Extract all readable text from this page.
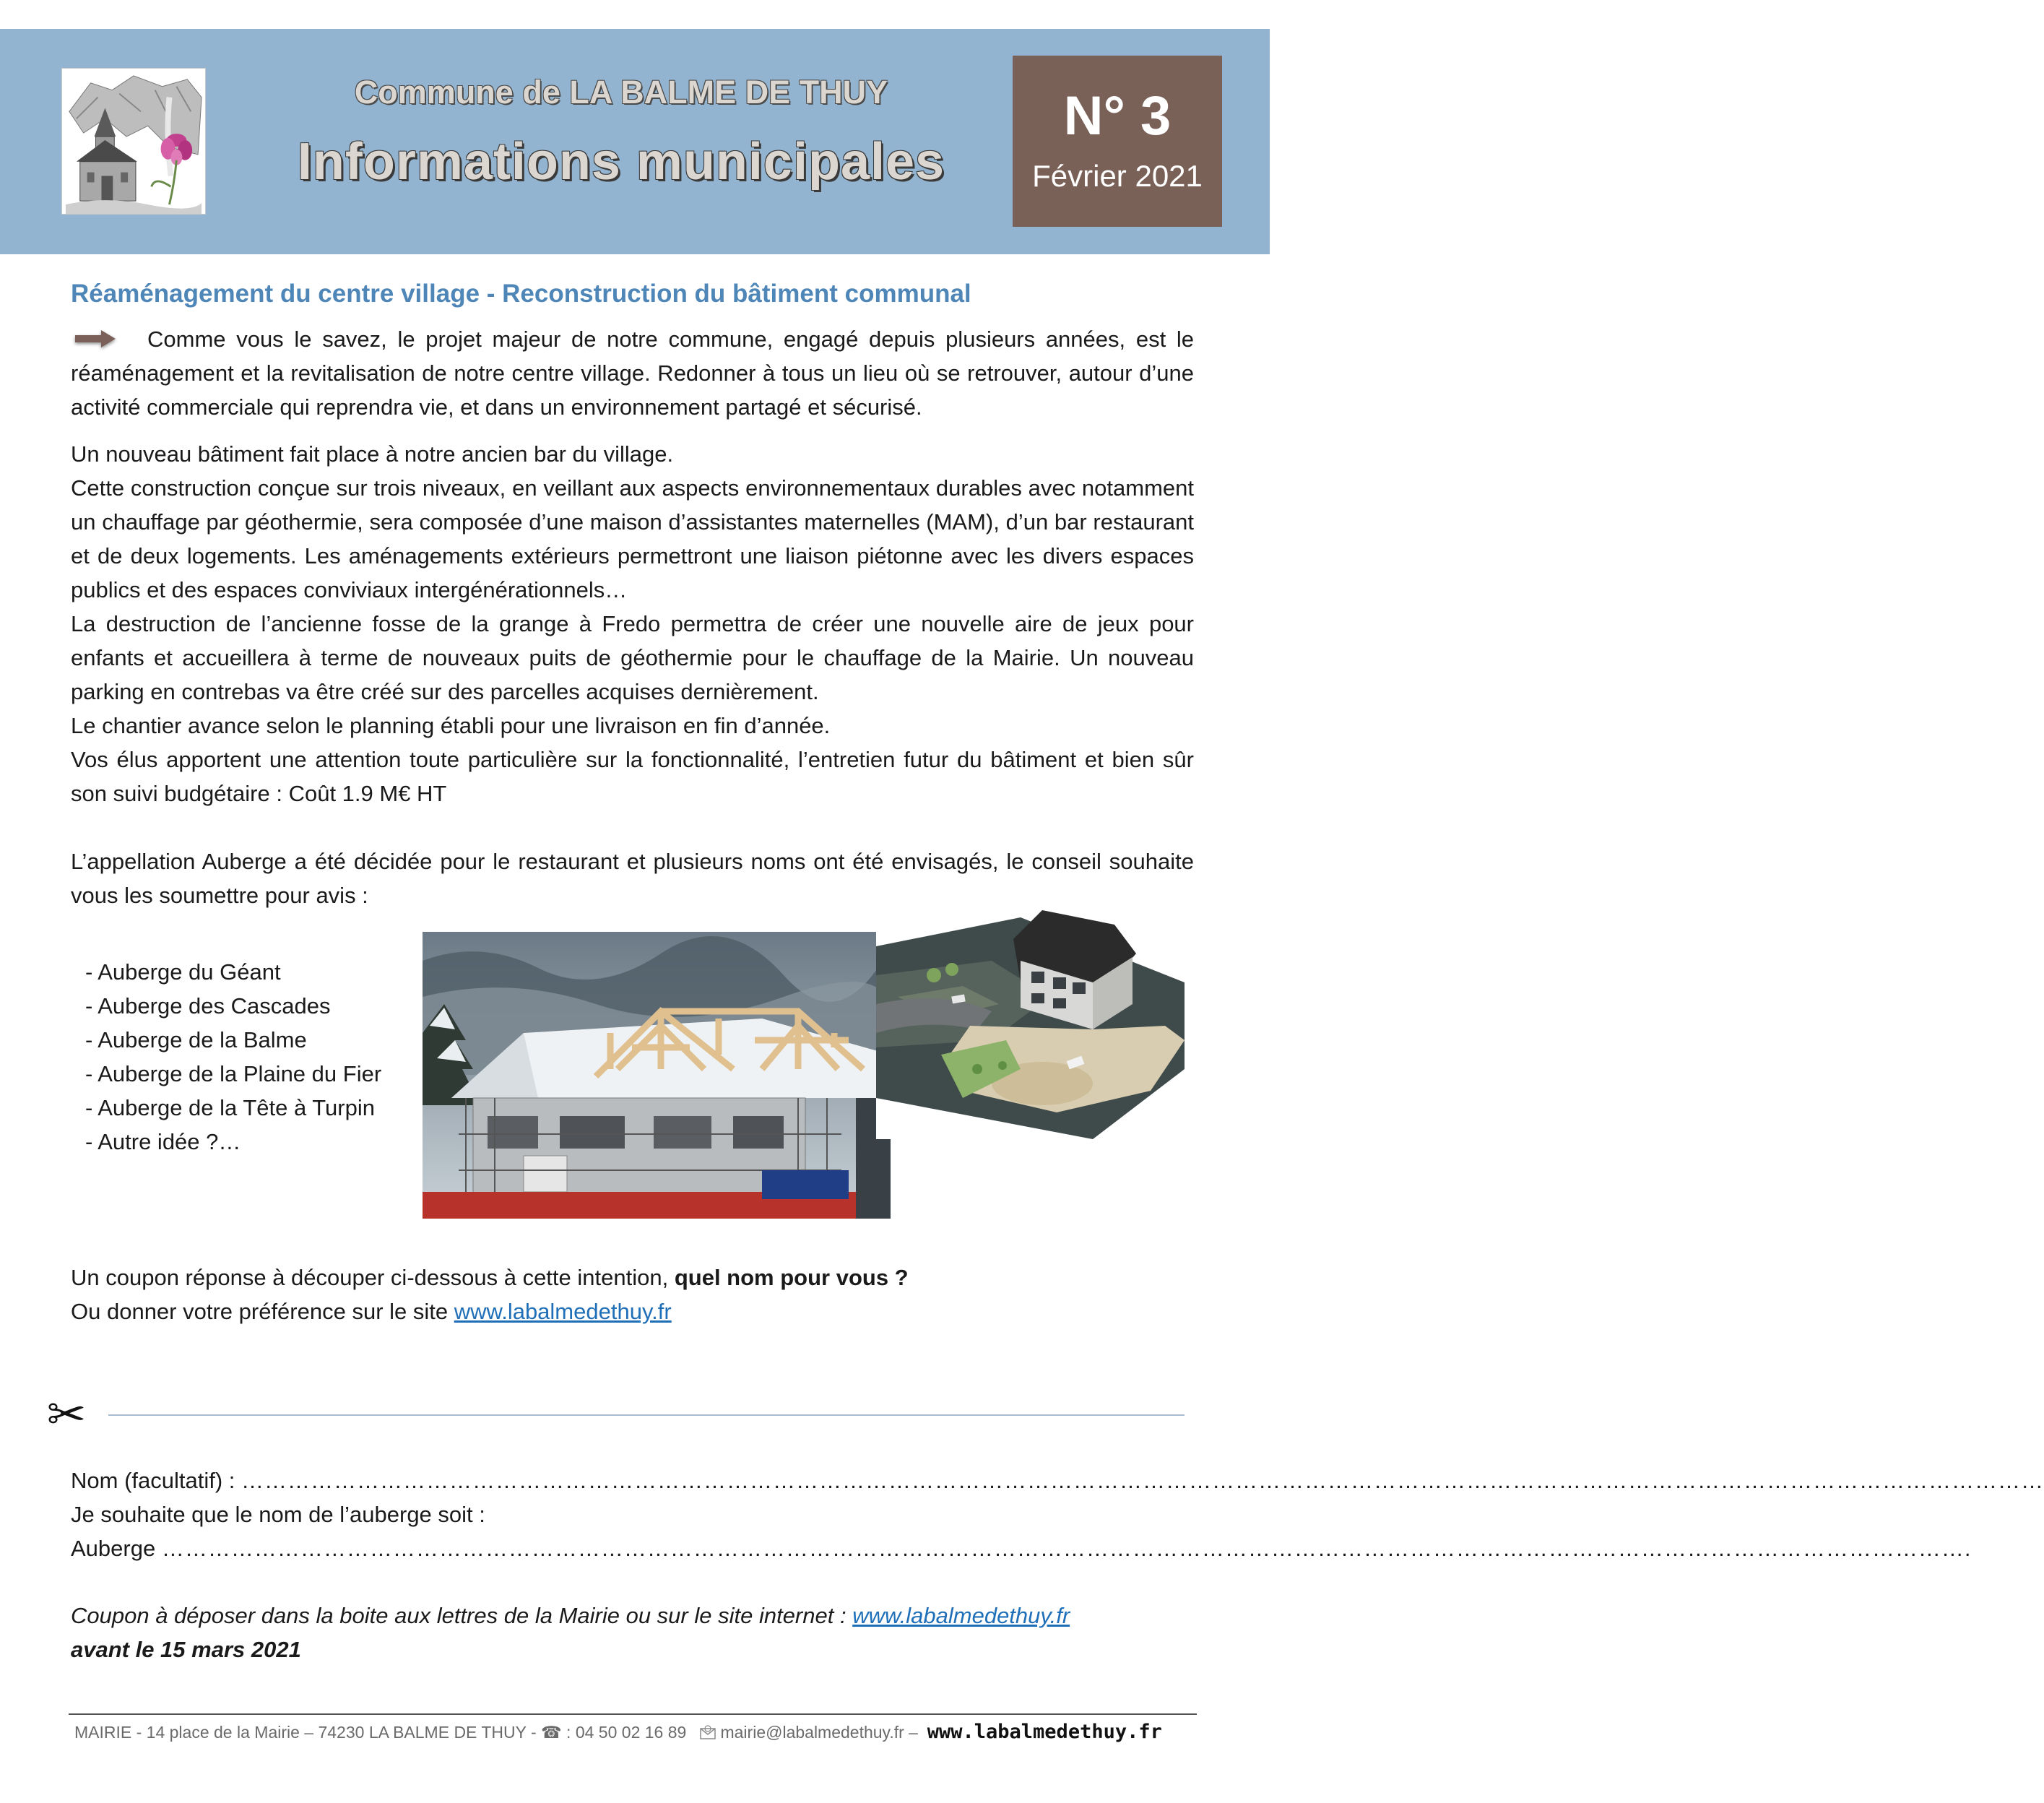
Commune de LA BALME DE THUY
Informations municipales
N° 3
Février 2021
Réaménagement du centre village - Reconstruction du bâtiment communal

Comme vous le savez, le projet majeur de notre commune, engagé depuis plusieurs années, est le réaménagement et la revitalisation de notre centre village. Redonner à tous un lieu où se retrouver, autour d’une activité commerciale qui reprendra vie, et dans un environnement partagé et sécurisé.

Un nouveau bâtiment fait place à notre ancien bar du village.

Cette construction conçue sur trois niveaux, en veillant aux aspects environnementaux durables avec notamment un chauffage par géothermie, sera composée d’une maison d’assistantes maternelles (MAM), d’un bar restaurant et de deux logements. Les aménagements extérieurs permettront une liaison piétonne avec les divers espaces publics et des espaces conviviaux intergénérationnels…

La destruction de l’ancienne fosse de la grange à Fredo permettra de créer une nouvelle aire de jeux pour enfants et accueillera à terme de nouveaux puits de géothermie pour le chauffage de la Mairie. Un nouveau parking en contrebas va être créé sur des parcelles acquises dernièrement.

Le chantier avance selon le planning établi pour une livraison en fin d’année.

Vos élus apportent une attention toute particulière sur la fonctionnalité, l’entretien futur du bâtiment et bien sûr son suivi budgétaire : Coût 1.9 M€ HT

L’appellation Auberge a été décidée pour le restaurant et plusieurs noms ont été envisagés, le conseil souhaite vous les soumettre pour avis :

- Auberge du Géant
- Auberge des Cascades
- Auberge de la Balme
- Auberge de la Plaine du Fier
- Auberge de la Tête à Turpin
- Autre idée ?…
Un coupon réponse à découper ci-dessous à cette intention, quel nom pour vous ?
Ou donner votre préférence sur le site www.labalmedethuy.fr
✂
Nom (facultatif) :
………………………………………………………………………………………………………………………………………………………………………………………………………………
Je souhaite que le nom de l’auberge soit :
Auberge
……………………………………………………………………………………………………………………………………………………………………………………………………………… .
Coupon à déposer dans la boite aux lettres de la Mairie ou sur le site internet : www.labalmedethuy.fr
avant le 15 mars 2021
MAIRIE - 14 place de la Mairie – 74230 LA BALME DE THUY - ☎ : 04 50 02 16 89 mairie@labalmedethuy.fr – www.labalmedethuy.fr
